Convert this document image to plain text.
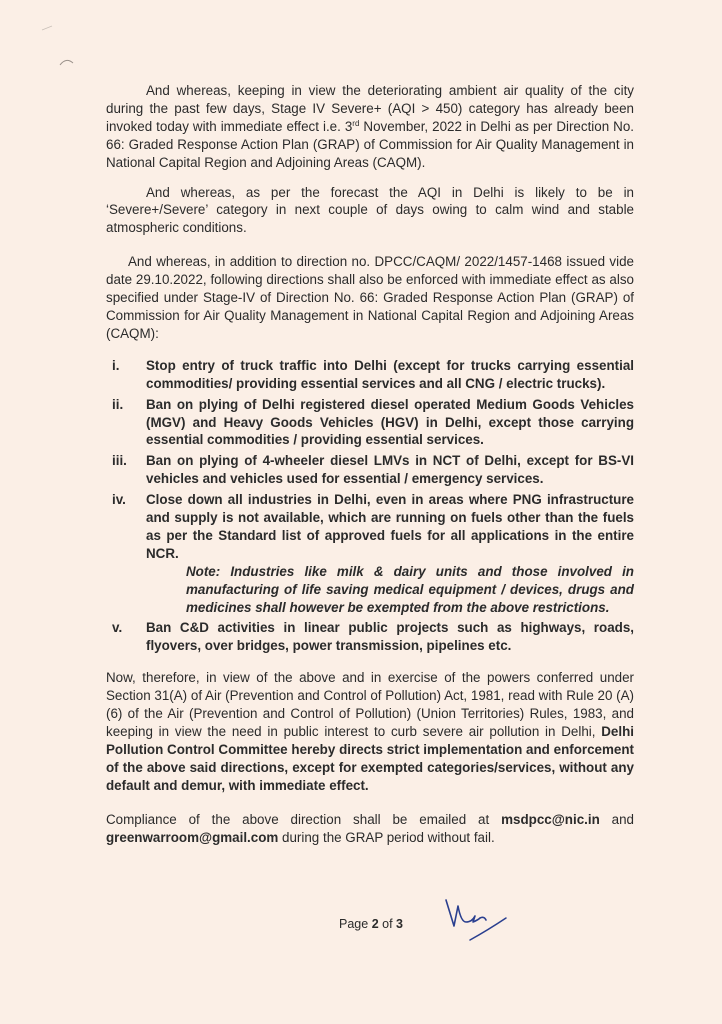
And whereas, keeping in view the deteriorating ambient air quality of the city during the past few days, Stage IV Severe+ (AQI > 450) category has already been invoked today with immediate effect i.e. 3rd November, 2022 in Delhi as per Direction No. 66: Graded Response Action Plan (GRAP) of Commission for Air Quality Management in National Capital Region and Adjoining Areas (CAQM).

And whereas, as per the forecast the AQI in Delhi is likely to be in ‘Severe+/Severe’ category in next couple of days owing to calm wind and stable atmospheric conditions.

And whereas, in addition to direction no. DPCC/CAQM/ 2022/1457-1468 issued vide date 29.10.2022, following directions shall also be enforced with immediate effect as also specified under Stage-IV of Direction No. 66: Graded Response Action Plan (GRAP) of Commission for Air Quality Management in National Capital Region and Adjoining Areas (CAQM):

i.	Stop entry of truck traffic into Delhi (except for trucks carrying essential commodities/ providing essential services and all CNG / electric trucks).
ii.	Ban on plying of Delhi registered diesel operated Medium Goods Vehicles (MGV) and Heavy Goods Vehicles (HGV) in Delhi, except those carrying essential commodities / providing essential services.
iii.	Ban on plying of 4-wheeler diesel LMVs in NCT of Delhi, except for BS-VI vehicles and vehicles used for essential / emergency services.
iv.	Close down all industries in Delhi, even in areas where PNG infrastructure and supply is not available, which are running on fuels other than the fuels as per the Standard list of approved fuels for all applications in the entire NCR.
Note: Industries like milk & dairy units and those involved in manufacturing of life saving medical equipment / devices, drugs and medicines shall however be exempted from the above restrictions.
v.	Ban C&D activities in linear public projects such as highways, roads, flyovers, over bridges, power transmission, pipelines etc.

Now, therefore, in view of the above and in exercise of the powers conferred under Section 31(A) of Air (Prevention and Control of Pollution) Act, 1981, read with Rule 20 (A) (6) of the Air (Prevention and Control of Pollution) (Union Territories) Rules, 1983, and keeping in view the need in public interest to curb severe air pollution in Delhi, Delhi Pollution Control Committee hereby directs strict implementation and enforcement of the above said directions, except for exempted categories/services, without any default and demur, with immediate effect.

Compliance of the above direction shall be emailed at msdpcc@nic.in and greenwarroom@gmail.com during the GRAP period without fail.

Page 2 of 3
